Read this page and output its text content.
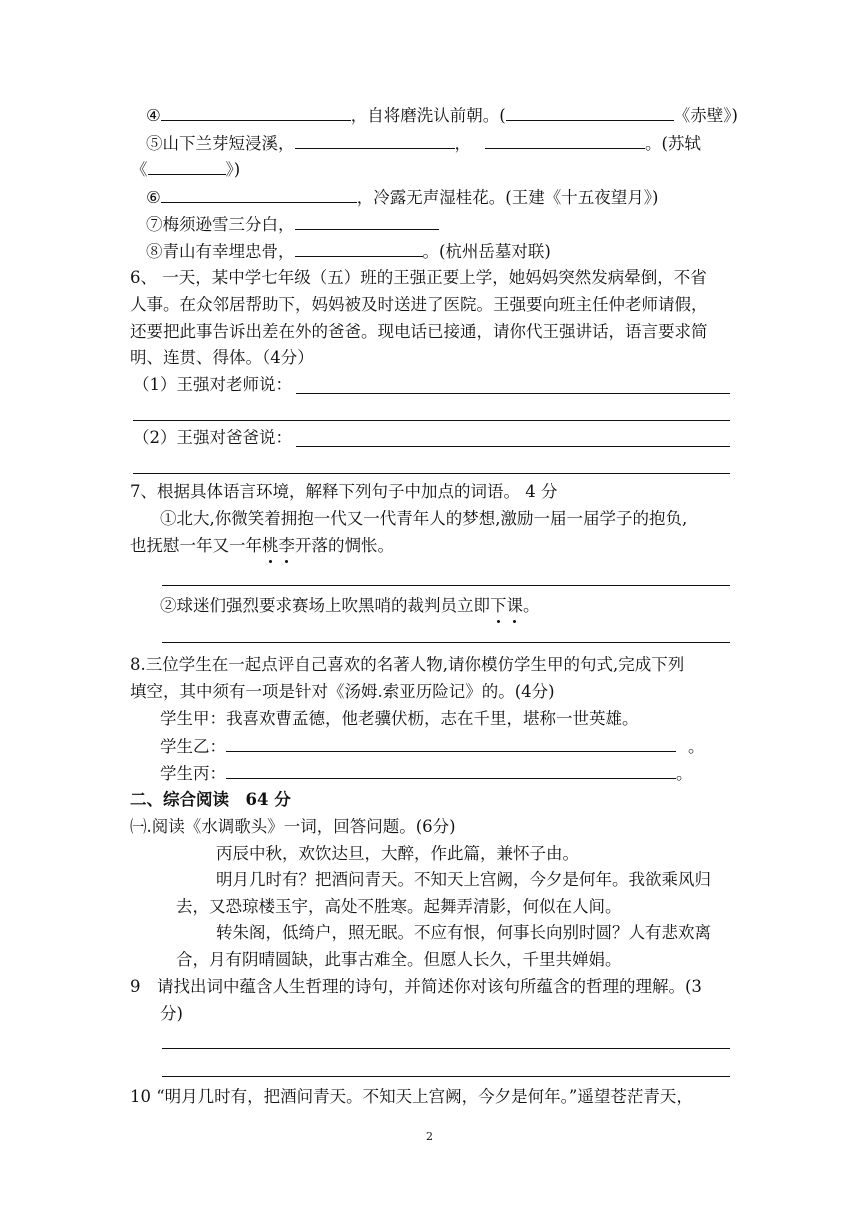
④	，自将磨洗认前朝。(	《赤壁》)
⑤山下兰芽短浸溪，	，	。(苏轼
《	》)
⑥	，冷露无声湿桂花。(王建《十五夜望月》)
⑦梅须逊雪三分白，
⑧青山有幸埋忠骨，	。(杭州岳墓对联)
6、 一天，某中学七年级（五）班的王强正要上学，她妈妈突然发病晕倒，不省
人事。在众邻居帮助下，妈妈被及时送进了医院。王强要向班主任仲老师请假，
还要把此事告诉出差在外的爸爸。现电话已接通，请你代王强讲话，语言要求简
明、连贯、得体。（4分）
（1）王强对老师说：
（2）王强对爸爸说：
7、根据具体语言环境，解释下列句子中加点的词语。 4 分
①北大,你微笑着拥抱一代又一代青年人的梦想,激励一届一届学子的抱负,
也抚慰一年又一年桃李开落的惆怅。
②球迷们强烈要求赛场上吹黑哨的裁判员立即下课。
8.三位学生在一起点评自己喜欢的名著人物,请你模仿学生甲的句式,完成下列
填空，其中须有一项是针对《汤姆.索亚历险记》的。(4分)
学生甲：我喜欢曹孟德，他老骥伏枥，志在千里，堪称一世英雄。
学生乙：	。
学生丙：	。
二、综合阅读　64 分
㈠.阅读《水调歌头》一词，回答问题。(6分)
丙辰中秋，欢饮达旦，大醉，作此篇，兼怀子由。
明月几时有？把酒问青天。不知天上宫阙，今夕是何年。我欲乘风归
去，又恐琼楼玉宇，高处不胜寒。起舞弄清影，何似在人间。
转朱阁，低绮户，照无眠。不应有恨，何事长向别时圆？人有悲欢离
合，月有阴晴圆缺，此事古难全。但愿人长久，千里共婵娟。
9　请找出词中蕴含人生哲理的诗句，并简述你对该句所蕴含的哲理的理解。(3
分)
10 “明月几时有，把酒问青天。不知天上宫阙，今夕是何年。”遥望苍茫青天，
2
